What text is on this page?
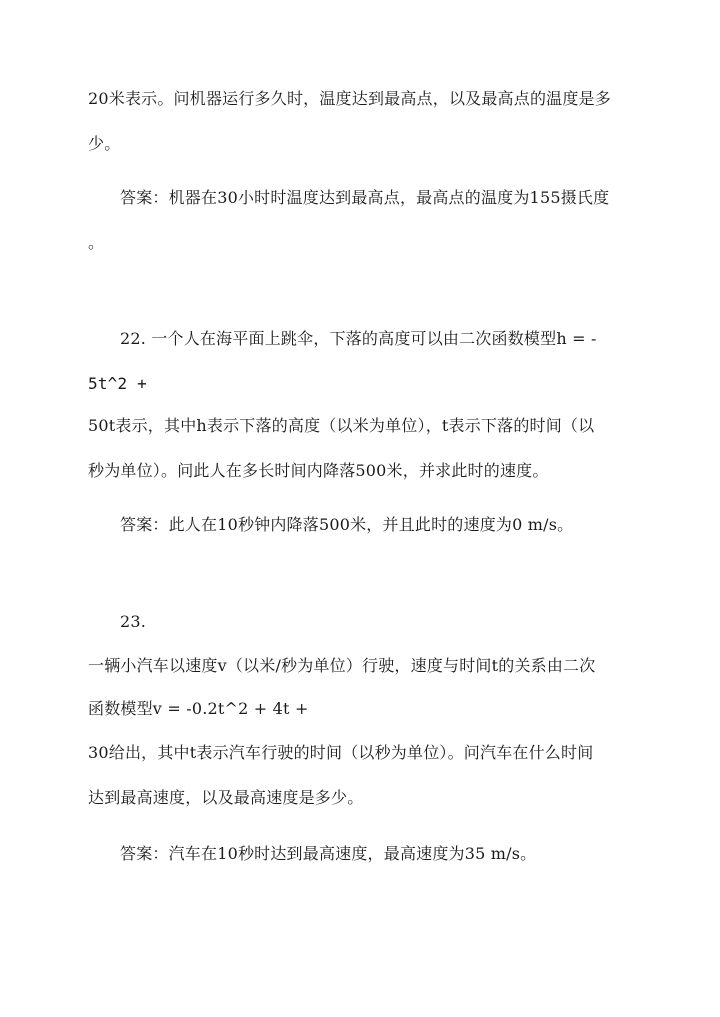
20米表示。问机器运行多久时，温度达到最高点，以及最高点的温度是多
少。
答案：机器在30小时时温度达到最高点，最高点的温度为155摄氏度
。
22. 一个人在海平面上跳伞，下落的高度可以由二次函数模型h = -
5t^2 +
50t表示，其中h表示下落的高度（以米为单位），t表示下落的时间（以
秒为单位）。问此人在多长时间内降落500米，并求此时的速度。
答案：此人在10秒钟内降落500米，并且此时的速度为0 m/s。
23.
一辆小汽车以速度v（以米/秒为单位）行驶，速度与时间t的关系由二次
函数模型v = -0.2t^2 + 4t +
30给出，其中t表示汽车行驶的时间（以秒为单位）。问汽车在什么时间
达到最高速度，以及最高速度是多少。
答案：汽车在10秒时达到最高速度，最高速度为35 m/s。
